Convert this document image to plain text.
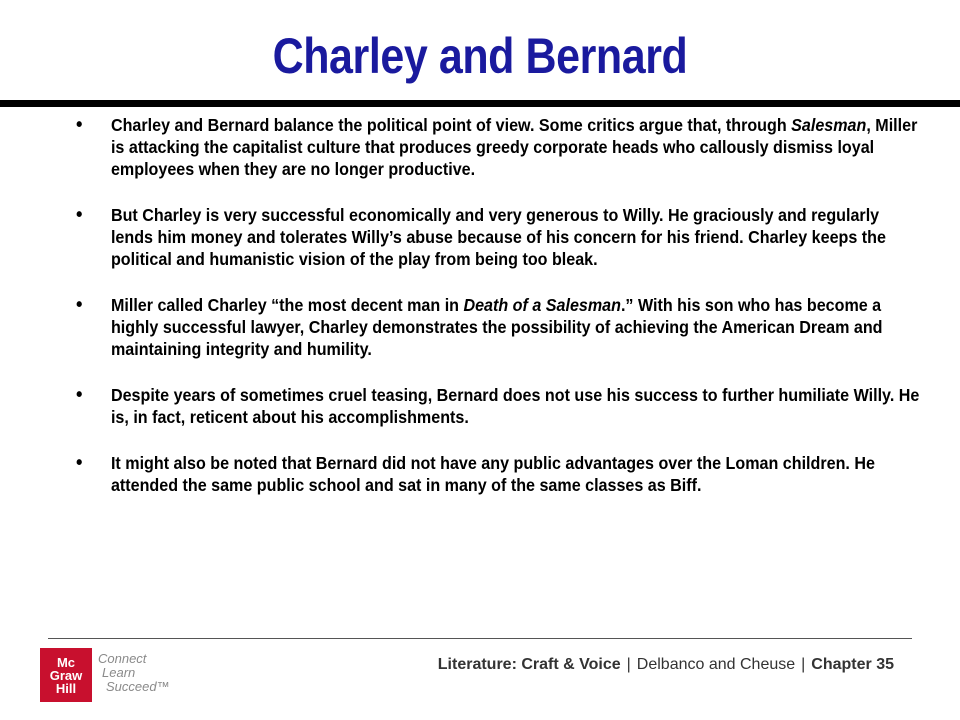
Charley and Bernard
• Charley and Bernard balance the political point of view. Some critics argue that, through Salesman, Miller is attacking the capitalist culture that produces greedy corporate heads who callously dismiss loyal employees when they are no longer productive.
• But Charley is very successful economically and very generous to Willy. He graciously and regularly lends him money and tolerates Willy’s abuse because of his concern for his friend. Charley keeps the political and humanistic vision of the play from being too bleak.
• Miller called Charley “the most decent man in Death of a Salesman.” With his son who has become a highly successful lawyer, Charley demonstrates the possibility of achieving the American Dream and maintaining integrity and humility.
• Despite years of sometimes cruel teasing, Bernard does not use his success to further humiliate Willy. He is, in fact, reticent about his accomplishments.
• It might also be noted that Bernard did not have any public advantages over the Loman children. He attended the same public school and sat in many of the same classes as Biff.
Mc
Graw
Hill
Connect
Learn
Succeed™
Literature: Craft & Voice | Delbanco and Cheuse | Chapter 35
